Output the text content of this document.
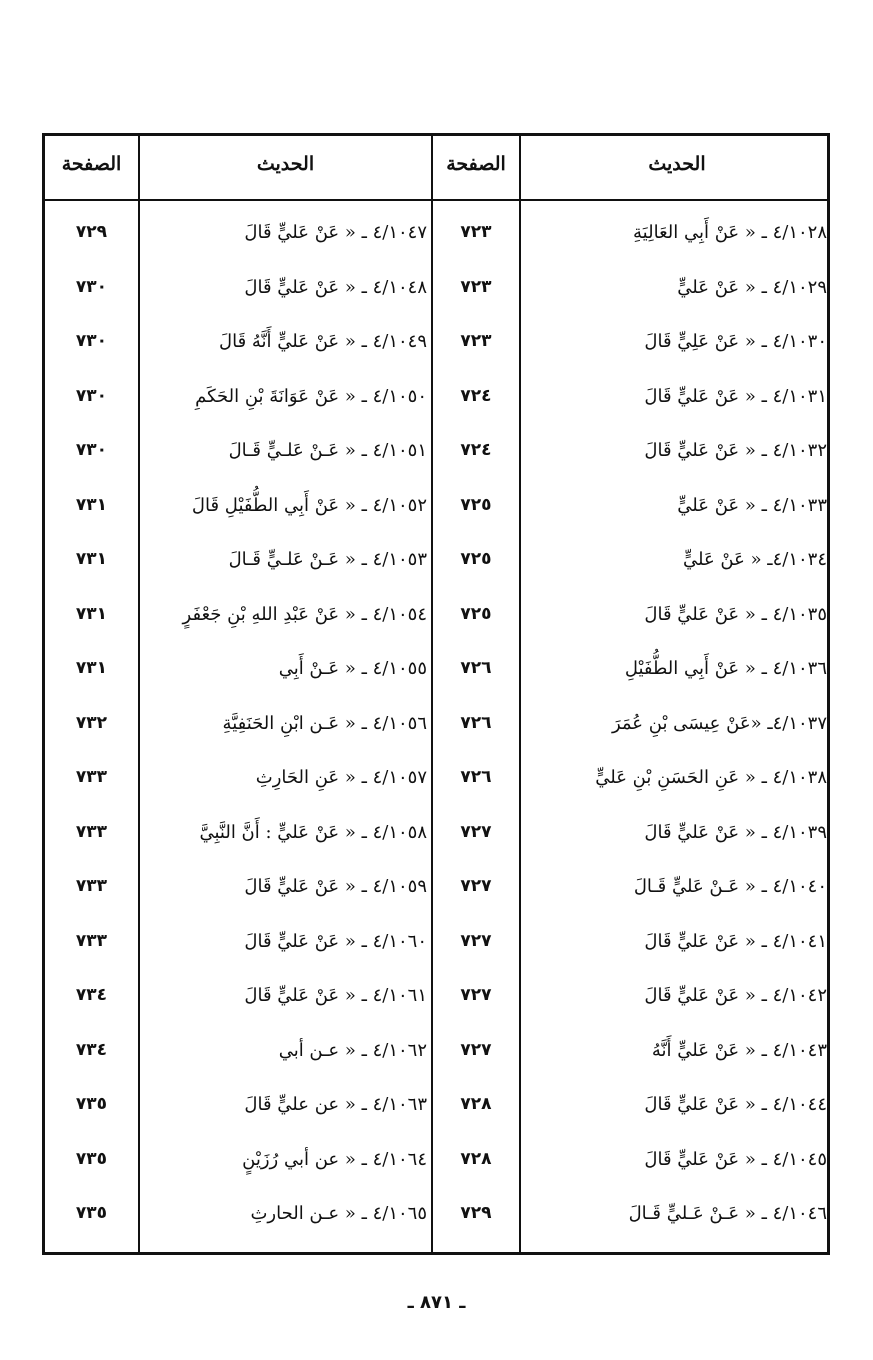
الحديث
الصفحة
الحديث
الصفحة
٤/١٠٢٨ ـ « عَنْ أَبِي العَالِيَةِ
٧٢٣
٤/١٠٤٧ ـ « عَنْ عَليٍّ قَالَ
٧٢٩
٤/١٠٢٩ ـ « عَنْ عَليٍّ
٧٢٣
٤/١٠٤٨ ـ « عَنْ عَليٍّ قَالَ
٧٣٠
٤/١٠٣٠ ـ « عَنْ عَلِيٍّ قَالَ
٧٢٣
٤/١٠٤٩ ـ « عَنْ عَليٍّ أَنَّهُ قَالَ
٧٣٠
٤/١٠٣١ ـ « عَنْ عَليٍّ قَالَ
٧٢٤
٤/١٠٥٠ ـ « عَنْ عَوَانَةَ بْنِ الحَكَمِ
٧٣٠
٤/١٠٣٢ ـ « عَنْ عَليٍّ قَالَ
٧٢٤
٤/١٠٥١ ـ « عَـنْ عَلـيٍّ قَـالَ
٧٣٠
٤/١٠٣٣ ـ « عَنْ عَليٍّ
٧٢٥
٤/١٠٥٢ ـ « عَنْ أَبِي الطُّفَيْلِ قَالَ
٧٣١
٤/١٠٣٤ـ « عَنْ عَليٍّ
٧٢٥
٤/١٠٥٣ ـ « عَـنْ عَلـيٍّ قَـالَ
٧٣١
٤/١٠٣٥ ـ « عَنْ عَليٍّ قَالَ
٧٢٥
٤/١٠٥٤ ـ « عَنْ عَبْدِ اللهِ بْنِ جَعْفَرٍ
٧٣١
٤/١٠٣٦ ـ « عَنْ أَبِي الطُّفَيْلِ
٧٢٦
٤/١٠٥٥ ـ « عَـنْ أَبِي
٧٣١
٤/١٠٣٧ـ «عَنْ عِيسَى بْنِ عُمَرَ
٧٢٦
٤/١٠٥٦ ـ « عَـن ابْنِ الحَنَفِيَّةِ
٧٣٢
٤/١٠٣٨ ـ « عَنِ الحَسَنِ بْنِ عَليٍّ
٧٢٦
٤/١٠٥٧ ـ « عَنِ الحَارِثِ
٧٣٣
٤/١٠٣٩ ـ « عَنْ عَليٍّ قَالَ
٧٢٧
٤/١٠٥٨ ـ « عَنْ عَليٍّ : أَنَّ النَّبِيَّ
٧٣٣
٤/١٠٤٠ ـ « عَـنْ عَليٍّ قَـالَ
٧٢٧
٤/١٠٥٩ ـ « عَنْ عَليٍّ قَالَ
٧٣٣
٤/١٠٤١ ـ « عَنْ عَليٍّ قَالَ
٧٢٧
٤/١٠٦٠ ـ « عَنْ عَليٍّ قَالَ
٧٣٣
٤/١٠٤٢ ـ « عَنْ عَليٍّ قَالَ
٧٢٧
٤/١٠٦١ ـ « عَنْ عَليٍّ قَالَ
٧٣٤
٤/١٠٤٣ ـ « عَنْ عَليٍّ أَنَّهُ
٧٢٧
٤/١٠٦٢ ـ « عـن أبي
٧٣٤
٤/١٠٤٤ ـ « عَنْ عَليٍّ قَالَ
٧٢٨
٤/١٠٦٣ ـ « عن عليٍّ قَالَ
٧٣٥
٤/١٠٤٥ ـ « عَنْ عَليٍّ قَالَ
٧٢٨
٤/١٠٦٤ ـ « عن أبي رُزَيْنٍ
٧٣٥
٤/١٠٤٦ ـ « عَـنْ عَـليٍّ قَـالَ
٧٢٩
٤/١٠٦٥ ـ « عـن الحارثِ
٧٣٥
ـ ٨٧١ ـ
